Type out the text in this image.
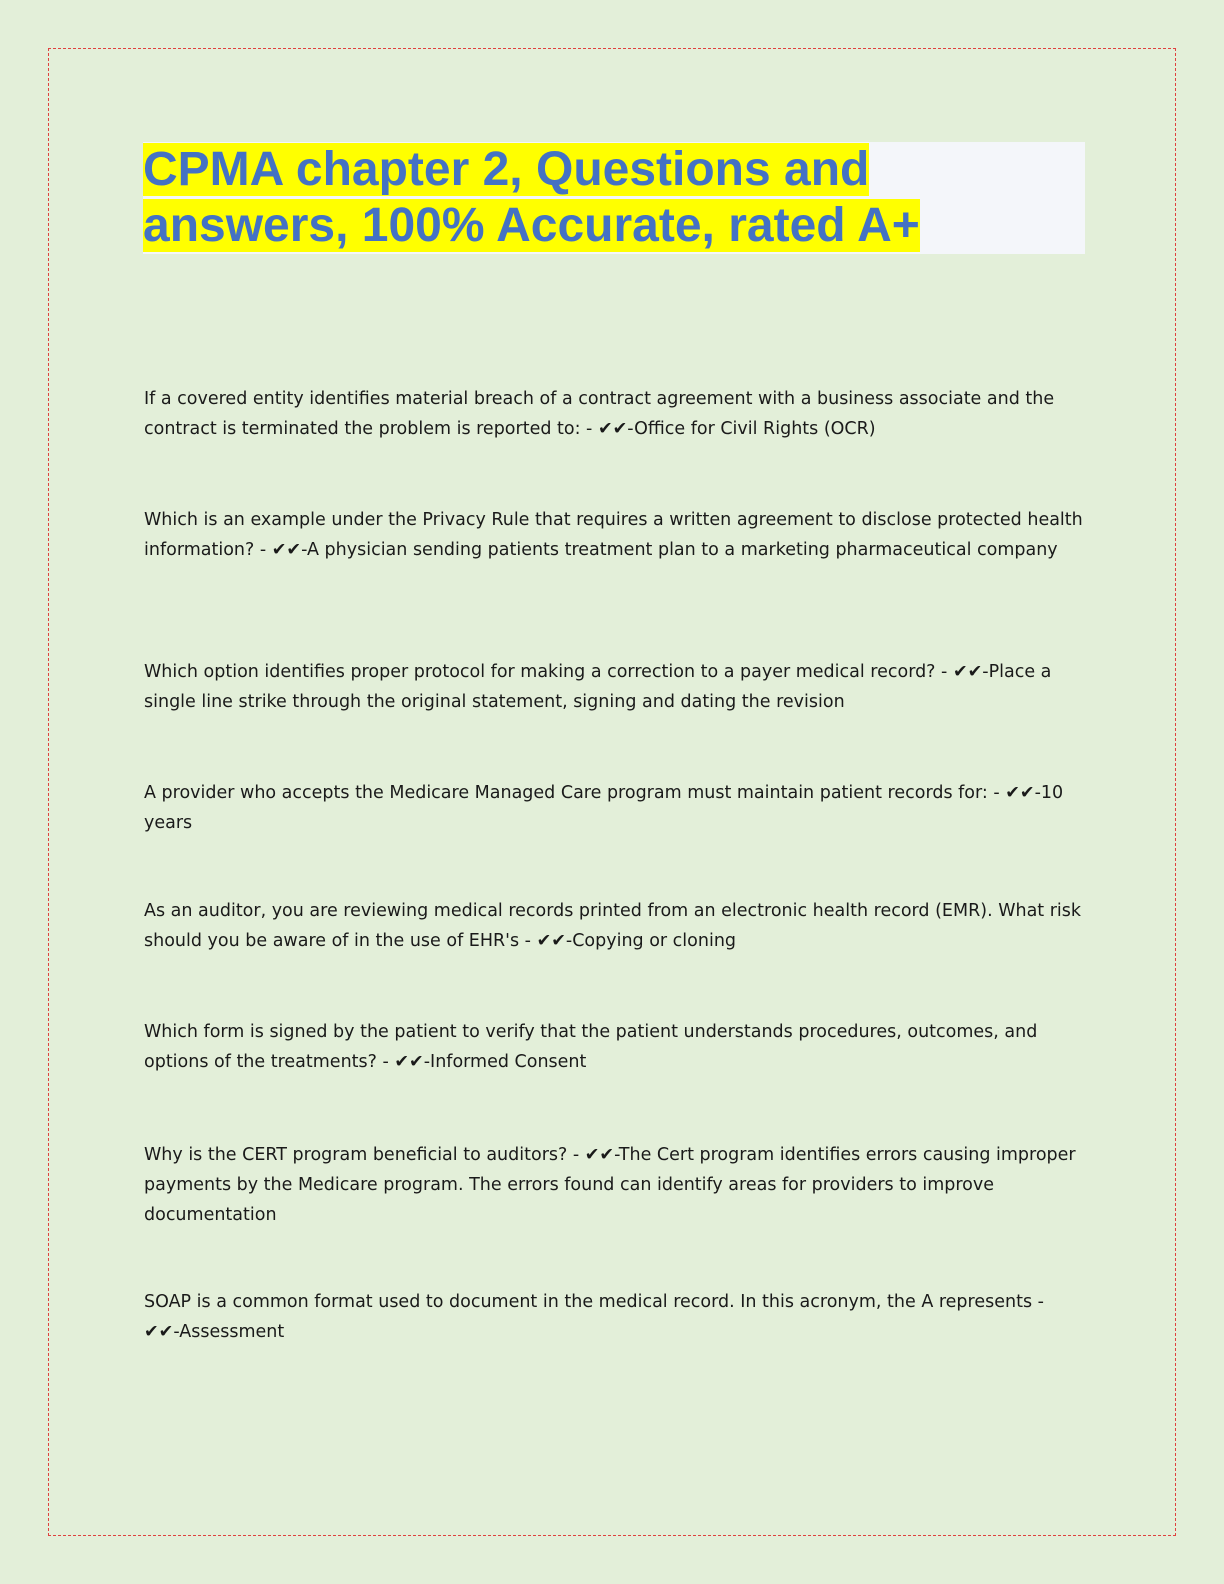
CPMA chapter 2, Questions and answers, 100% Accurate, rated A+

If a covered entity identifies material breach of a contract agreement with a business associate and the contract is terminated the problem is reported to: - ✔✔-Office for Civil Rights (OCR)

Which is an example under the Privacy Rule that requires a written agreement to disclose protected health information? - ✔✔-A physician sending patients treatment plan to a marketing pharmaceutical company

Which option identifies proper protocol for making a correction to a payer medical record? - ✔✔-Place a single line strike through the original statement, signing and dating the revision

A provider who accepts the Medicare Managed Care program must maintain patient records for: - ✔✔-10 years

As an auditor, you are reviewing medical records printed from an electronic health record (EMR). What risk should you be aware of in the use of EHR's - ✔✔-Copying or cloning

Which form is signed by the patient to verify that the patient understands procedures, outcomes, and options of the treatments? - ✔✔-Informed Consent

Why is the CERT program beneficial to auditors? - ✔✔-The Cert program identifies errors causing improper payments by the Medicare program. The errors found can identify areas for providers to improve documentation

SOAP is a common format used to document in the medical record. In this acronym, the A represents - ✔✔-Assessment
